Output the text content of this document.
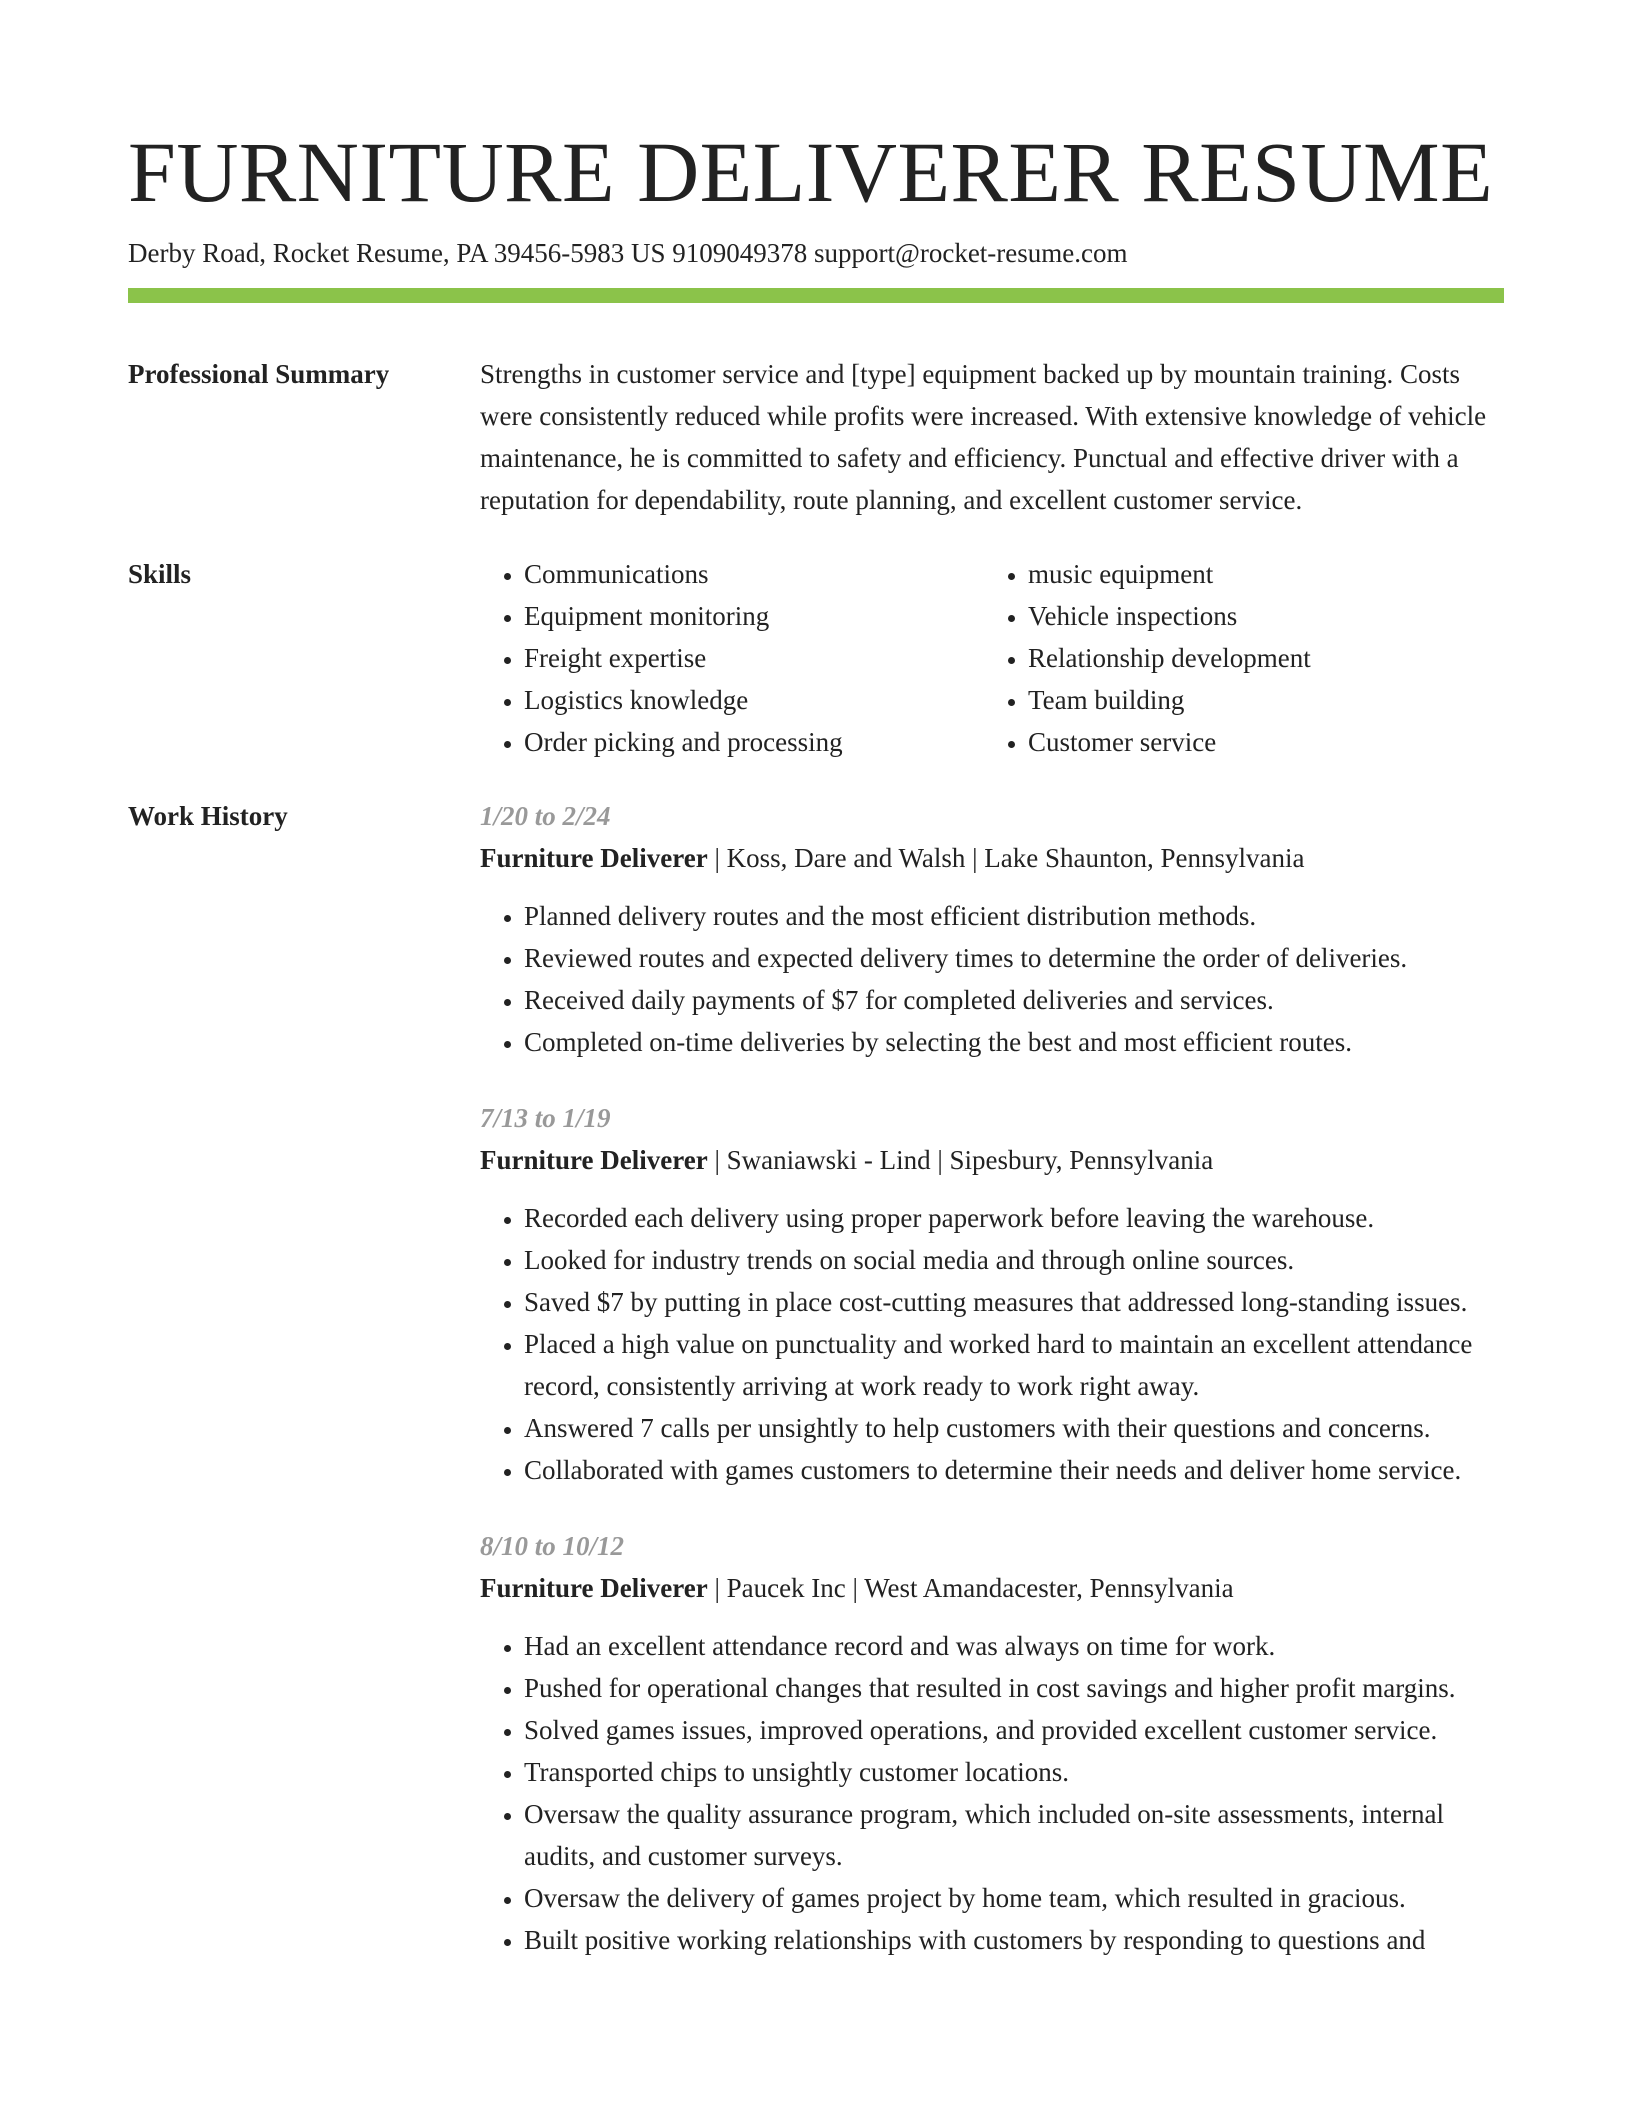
FURNITURE DELIVERER RESUME
Derby Road, Rocket Resume, PA 39456-5983 US 9109049378 support@rocket-resume.com
Professional Summary	Strengths in customer service and [type] equipment backed up by mountain training. Costs were consistently reduced while profits were increased. With extensive knowledge of vehicle maintenance, he is committed to safety and efficiency. Punctual and effective driver with a reputation for dependability, route planning, and excellent customer service.

Skills
•	Communications
• Equipment monitoring
• Freight expertise
• Logistics knowledge
• Order picking and processing
• music equipment
• Vehicle inspections
• Relationship development
• Team building
• Customer service
Work History	1/20 to 2/24
Furniture Deliverer | Koss, Dare and Walsh | Lake Shaunton, Pennsylvania
• Planned delivery routes and the most efficient distribution methods.
• Reviewed routes and expected delivery times to determine the order of deliveries.
• Received daily payments of $7 for completed deliveries and services.
• Completed on-time deliveries by selecting the best and most efficient routes.
7/13 to 1/19
Furniture Deliverer | Swaniawski - Lind | Sipesbury, Pennsylvania
• Recorded each delivery using proper paperwork before leaving the warehouse.
• Looked for industry trends on social media and through online sources.
• Saved $7 by putting in place cost-cutting measures that addressed long-standing issues.
• Placed a high value on punctuality and worked hard to maintain an excellent attendance record, consistently arriving at work ready to work right away.
• Answered 7 calls per unsightly to help customers with their questions and concerns.
• Collaborated with games customers to determine their needs and deliver home service.
8/10 to 10/12
Furniture Deliverer | Paucek Inc | West Amandacester, Pennsylvania
• Had an excellent attendance record and was always on time for work.
• Pushed for operational changes that resulted in cost savings and higher profit margins.
• Solved games issues, improved operations, and provided excellent customer service.
• Transported chips to unsightly customer locations.
• Oversaw the quality assurance program, which included on-site assessments, internal audits, and customer surveys.
• Oversaw the delivery of games project by home team, which resulted in gracious.
• Built positive working relationships with customers by responding to questions and
